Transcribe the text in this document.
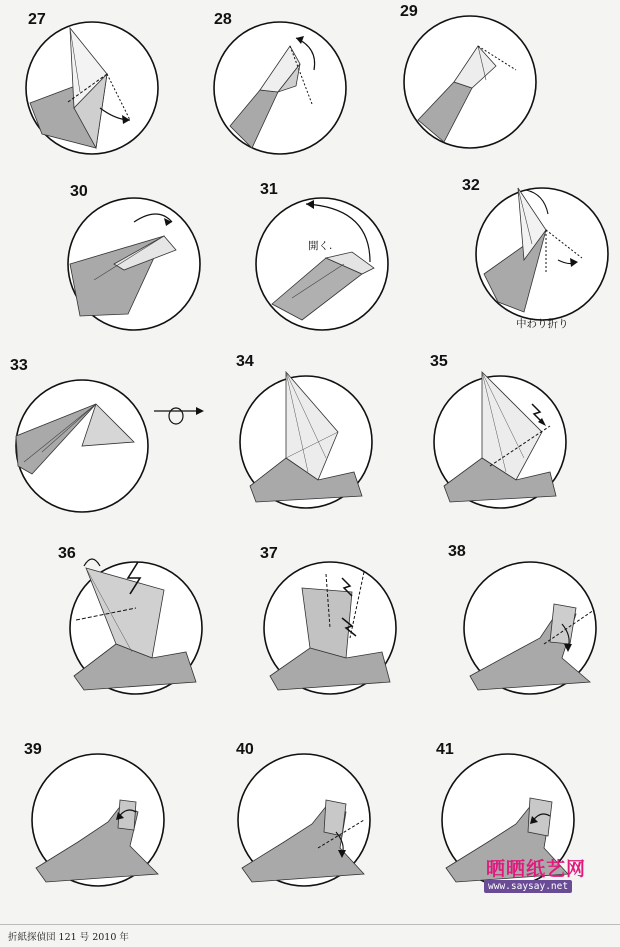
27	28	29
30	31
開く.
32
中わり折り
33	34	35
36	37	38
39	40	41
晒晒纸艺网
www.saysay.net
折紙探偵団 121 号 2010 年
